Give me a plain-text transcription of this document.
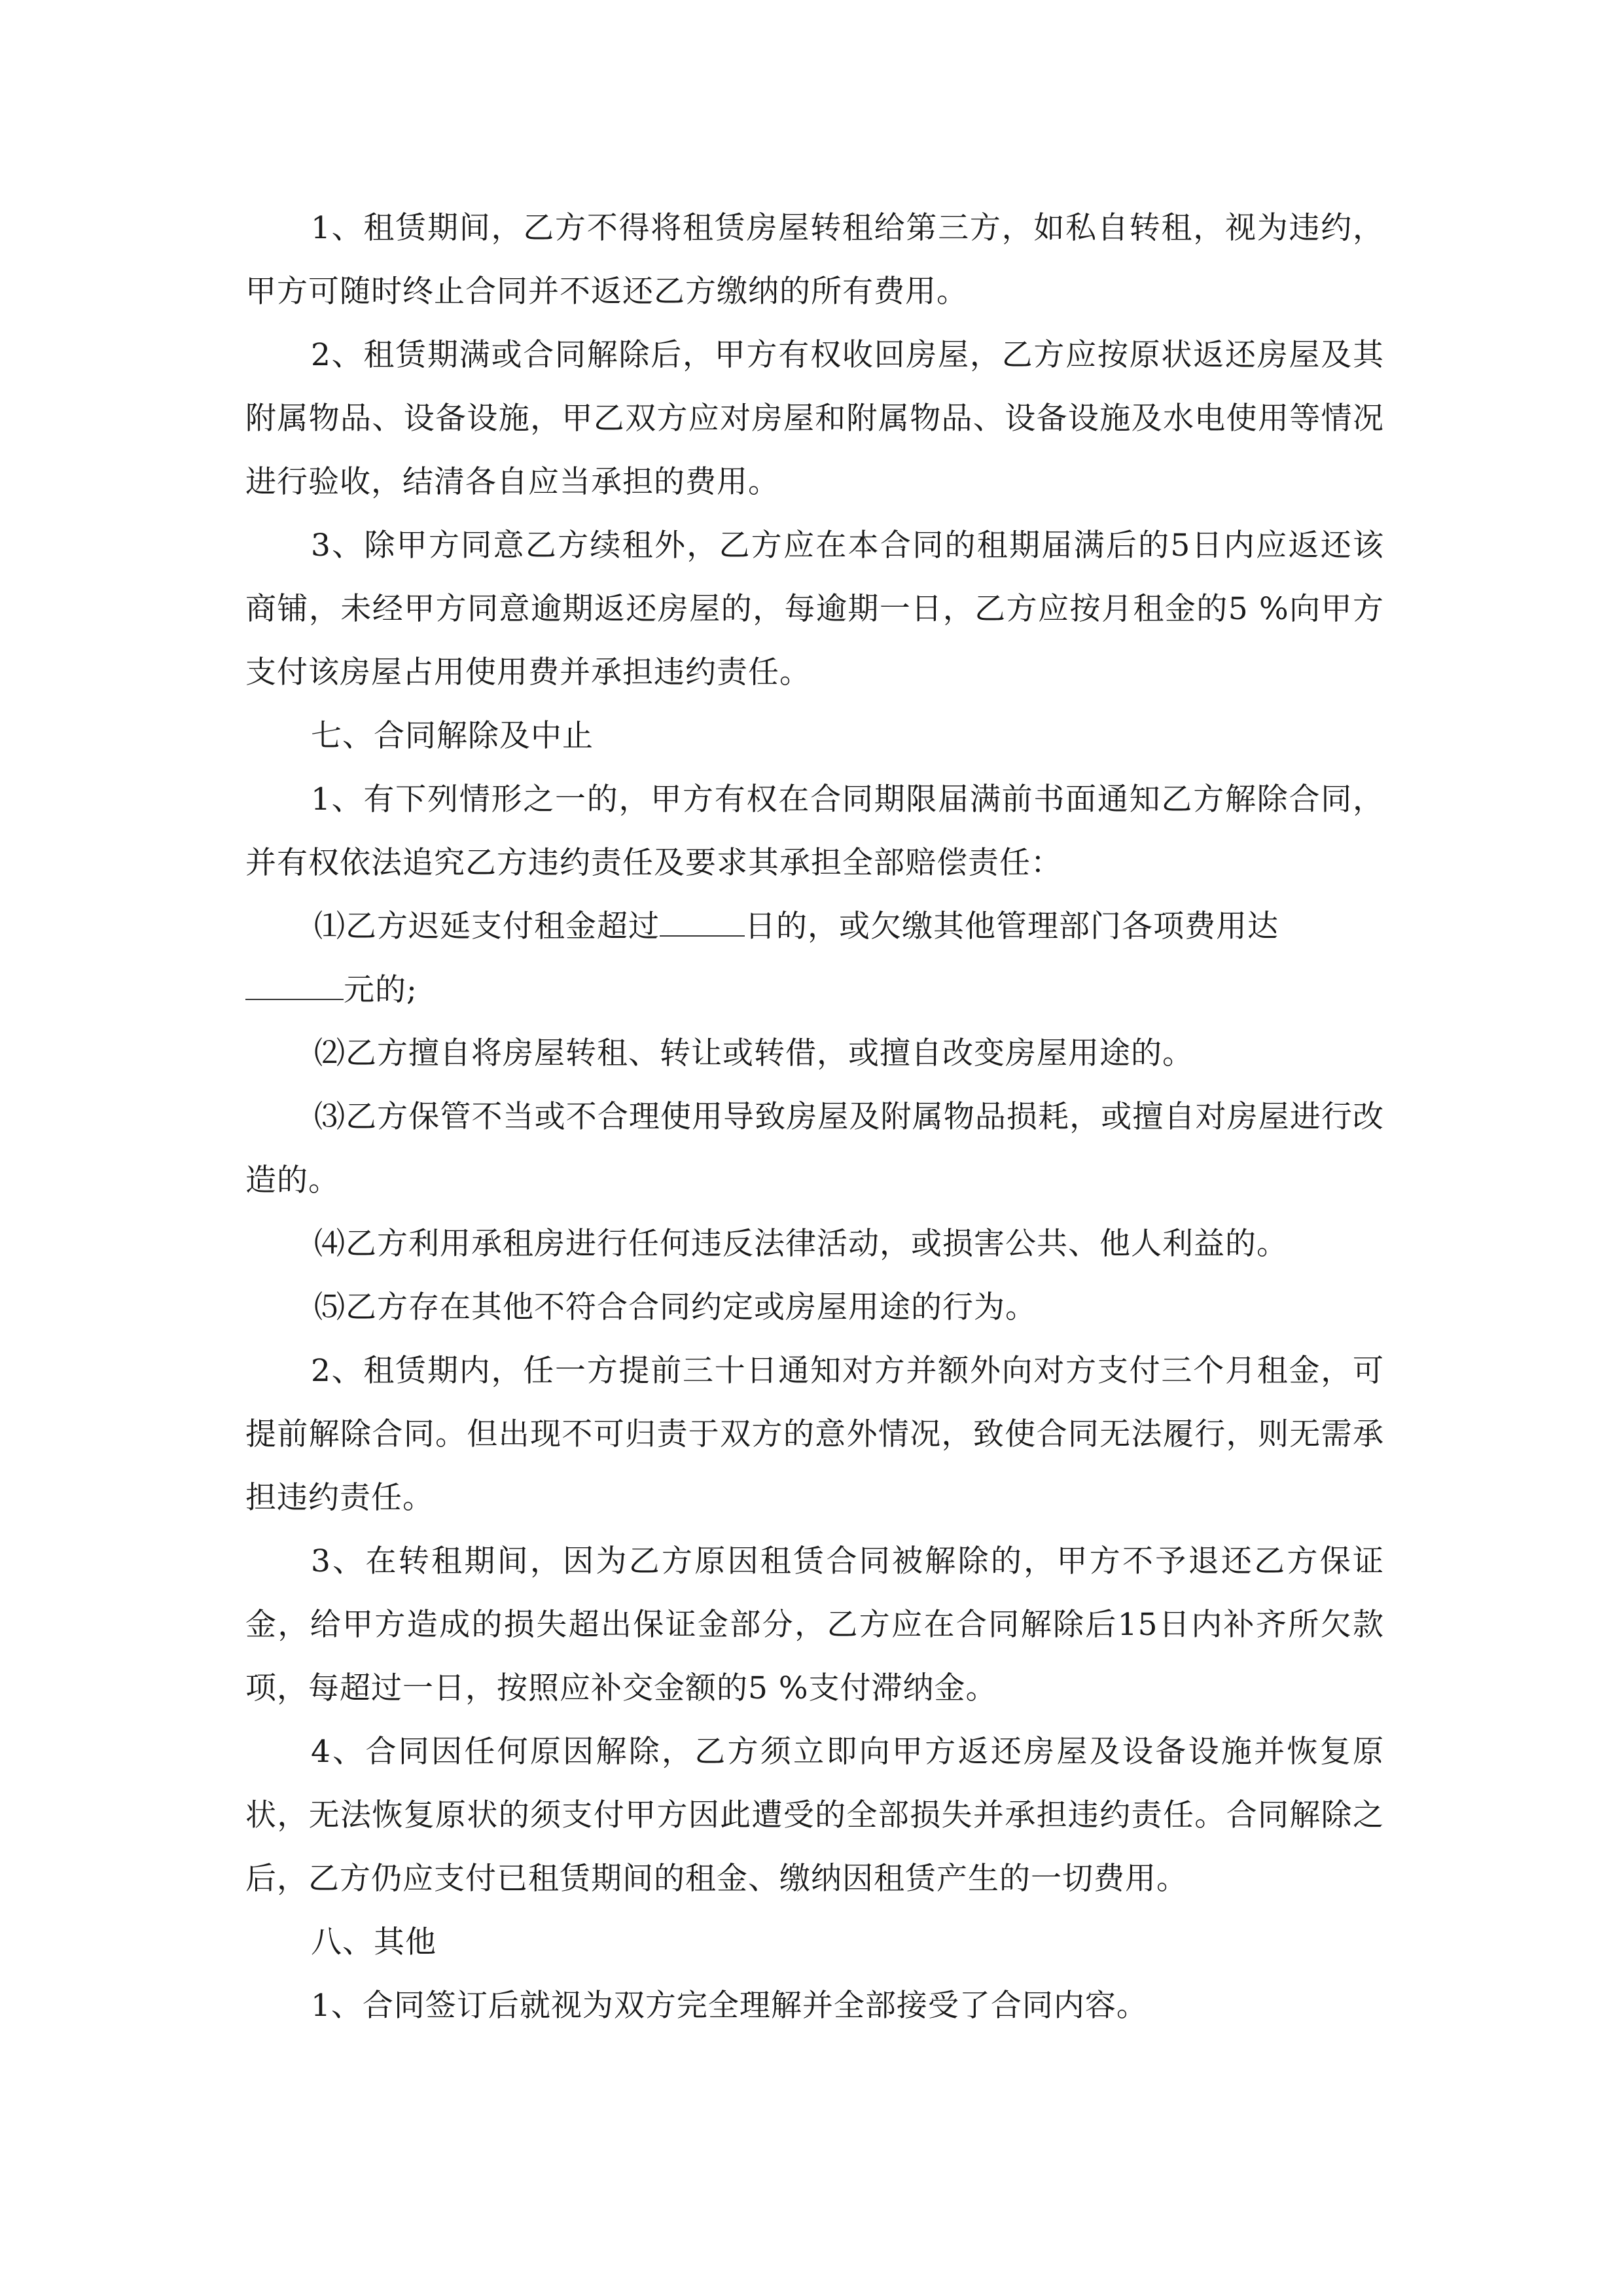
1、租赁期间，乙方不得将租赁房屋转租给第三方，如私自转租，视为违约，甲方可随时终止合同并不返还乙方缴纳的所有费用。

2、租赁期满或合同解除后，甲方有权收回房屋，乙方应按原状返还房屋及其附属物品、设备设施，甲乙双方应对房屋和附属物品、设备设施及水电使用等情况进行验收，结清各自应当承担的费用。

3、除甲方同意乙方续租外，乙方应在本合同的租期届满后的5日内应返还该商铺，未经甲方同意逾期返还房屋的，每逾期一日，乙方应按月租金的5 %向甲方支付该房屋占用使用费并承担违约责任。

七、合同解除及中止

1、有下列情形之一的，甲方有权在合同期限届满前书面通知乙方解除合同，并有权依法追究乙方违约责任及要求其承担全部赔偿责任：

⑴乙方迟延支付租金超过	日的，或欠缴其他管理部门各项费用达

元的;

⑵乙方擅自将房屋转租、转让或转借，或擅自改变房屋用途的。

⑶乙方保管不当或不合理使用导致房屋及附属物品损耗，或擅自对房屋进行改造的。

⑷乙方利用承租房进行任何违反法律活动，或损害公共、他人利益的。

⑸乙方存在其他不符合合同约定或房屋用途的行为。

2、租赁期内，任一方提前三十日通知对方并额外向对方支付三个月租金，可提前解除合同。但出现不可归责于双方的意外情况，致使合同无法履行，则无需承担违约责任。

3、在转租期间，因为乙方原因租赁合同被解除的，甲方不予退还乙方保证金，给甲方造成的损失超出保证金部分，乙方应在合同解除后15日内补齐所欠款项，每超过一日，按照应补交金额的5 %支付滞纳金。

4、合同因任何原因解除，乙方须立即向甲方返还房屋及设备设施并恢复原状，无法恢复原状的须支付甲方因此遭受的全部损失并承担违约责任。合同解除之后，乙方仍应支付已租赁期间的租金、缴纳因租赁产生的一切费用。

八、其他

1、合同签订后就视为双方完全理解并全部接受了合同内容。
